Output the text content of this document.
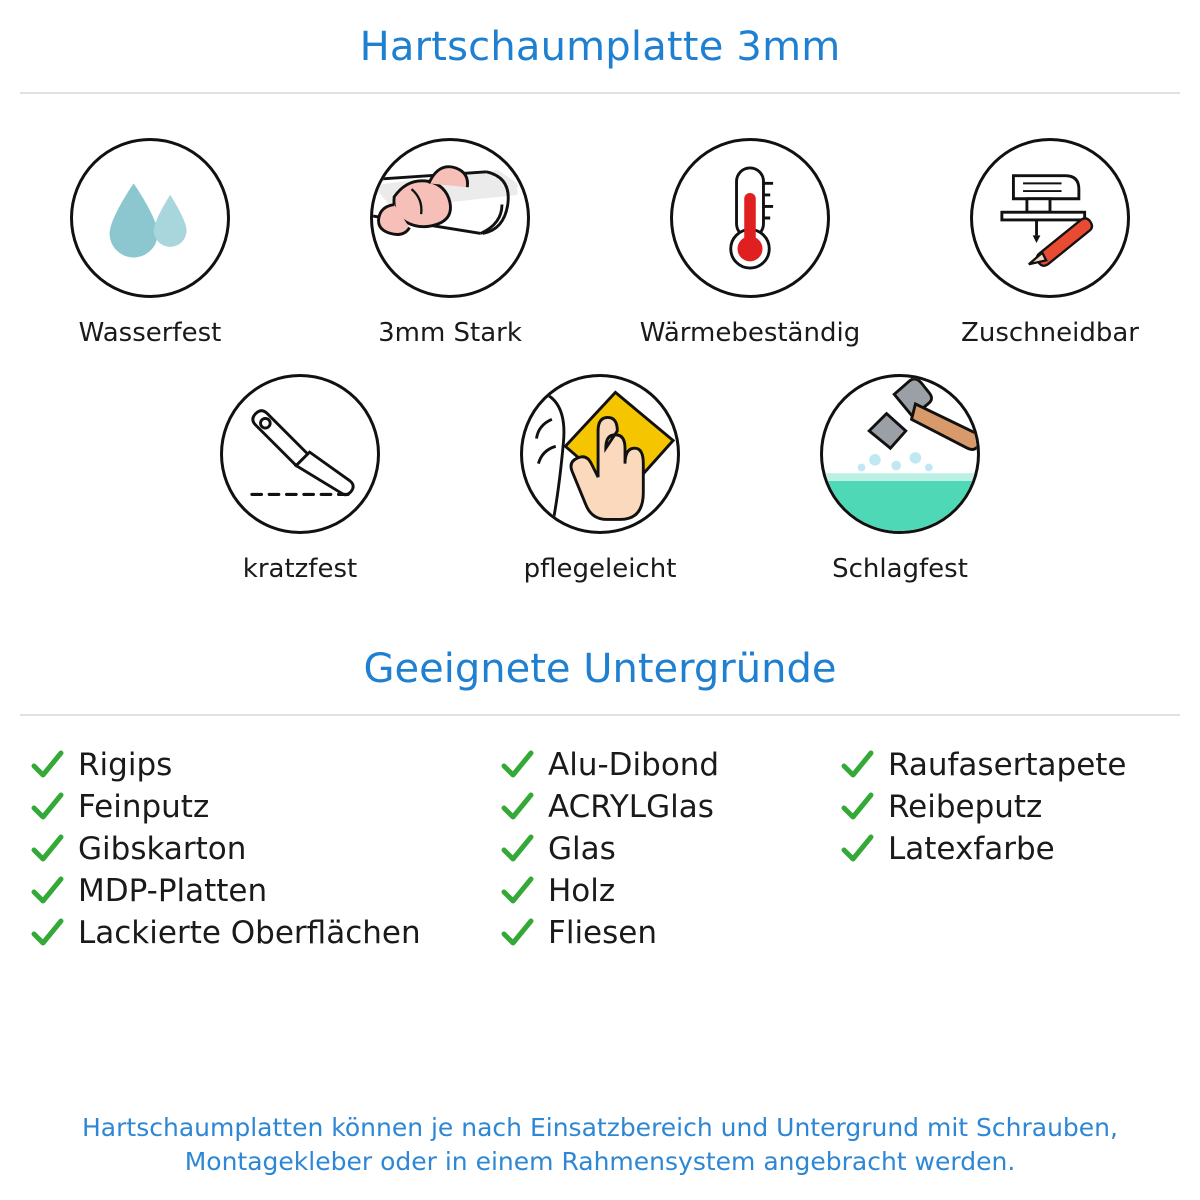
Hartschaumplatte 3mm
Wasserfest	3mm Stark	Wärmebeständig	Zuschneidbar
kratzfest	pflegeleicht	Schlagfest
Geeignete Untergründe
Rigips
Feinputz
Gibskarton
MDP-Platten
Lackierte Oberflächen
Alu-Dibond
ACRYLGlas
Glas
Holz
Fliesen
Raufasertapete
Reibeputz
Latexfarbe
Hartschaumplatten können je nach Einsatzbereich und Untergrund mit Schrauben, Montagekleber oder in einem Rahmensystem angebracht werden.
